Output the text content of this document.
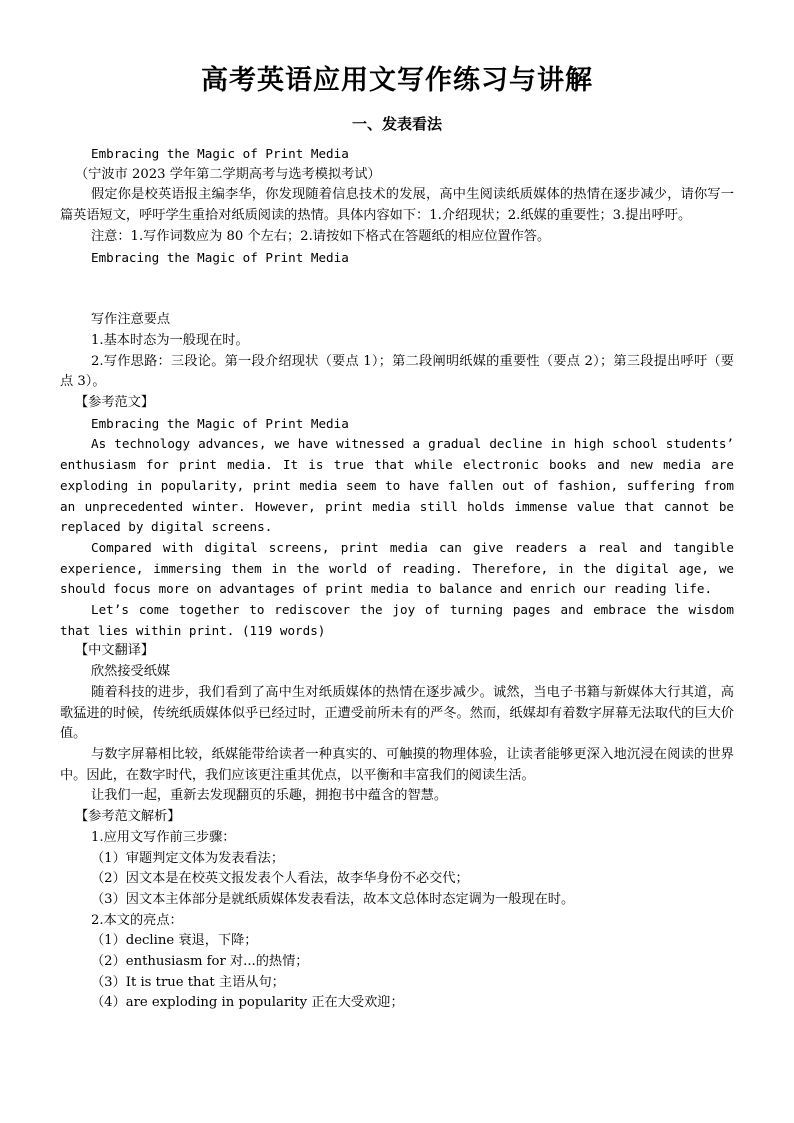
高考英语应用文写作练习与讲解
一、发表看法

Embracing the Magic of Print Media

（宁波市 2023 学年第二学期高考与选考模拟考试）

假定你是校英语报主编李华，你发现随着信息技术的发展，高中生阅读纸质媒体的热情在逐步减少，请你写一篇英语短文，呼吁学生重拾对纸质阅读的热情。具体内容如下：1.介绍现状；2.纸媒的重要性；3.提出呼吁。

注意：1.写作词数应为 80 个左右；2.请按如下格式在答题纸的相应位置作答。

Embracing the Magic of Print Media

写作注意要点

1.基本时态为一般现在时。

2.写作思路：三段论。第一段介绍现状（要点 1）；第二段阐明纸媒的重要性（要点 2）；第三段提出呼吁（要点 3）。

【参考范文】

Embracing the Magic of Print Media

As technology advances, we have witnessed a gradual decline in high school students’ enthusiasm for print media. It is true that while electronic books and new media are exploding in popularity, print media seem to have fallen out of fashion, suffering from an unprecedented winter. However, print media still holds immense value that cannot be replaced by digital screens.

Compared with digital screens, print media can give readers a real and tangible experience, immersing them in the world of reading. Therefore, in the digital age, we should focus more on advantages of print media to balance and enrich our reading life.

Let’s come together to rediscover the joy of turning pages and embrace the wisdom that lies within print. (119 words)

【中文翻译】

欣然接受纸媒

随着科技的进步，我们看到了高中生对纸质媒体的热情在逐步减少。诚然，当电子书籍与新媒体大行其道，高歌猛进的时候，传统纸质媒体似乎已经过时，正遭受前所未有的严冬。然而，纸媒却有着数字屏幕无法取代的巨大价值。

与数字屏幕相比较，纸媒能带给读者一种真实的、可触摸的物理体验，让读者能够更深入地沉浸在阅读的世界中。因此，在数字时代，我们应该更注重其优点，以平衡和丰富我们的阅读生活。

让我们一起，重新去发现翻页的乐趣，拥抱书中蕴含的智慧。

【参考范文解析】

1.应用文写作前三步骤：

（1）审题判定文体为发表看法；

（2）因文本是在校英文报发表个人看法，故李华身份不必交代；

（3）因文本主体部分是就纸质媒体发表看法，故本文总体时态定调为一般现在时。

2.本文的亮点：

（1）decline 衰退，下降；

（2）enthusiasm for 对...的热情；

（3）It is true that 主语从句；

（4）are exploding in popularity 正在大受欢迎；
